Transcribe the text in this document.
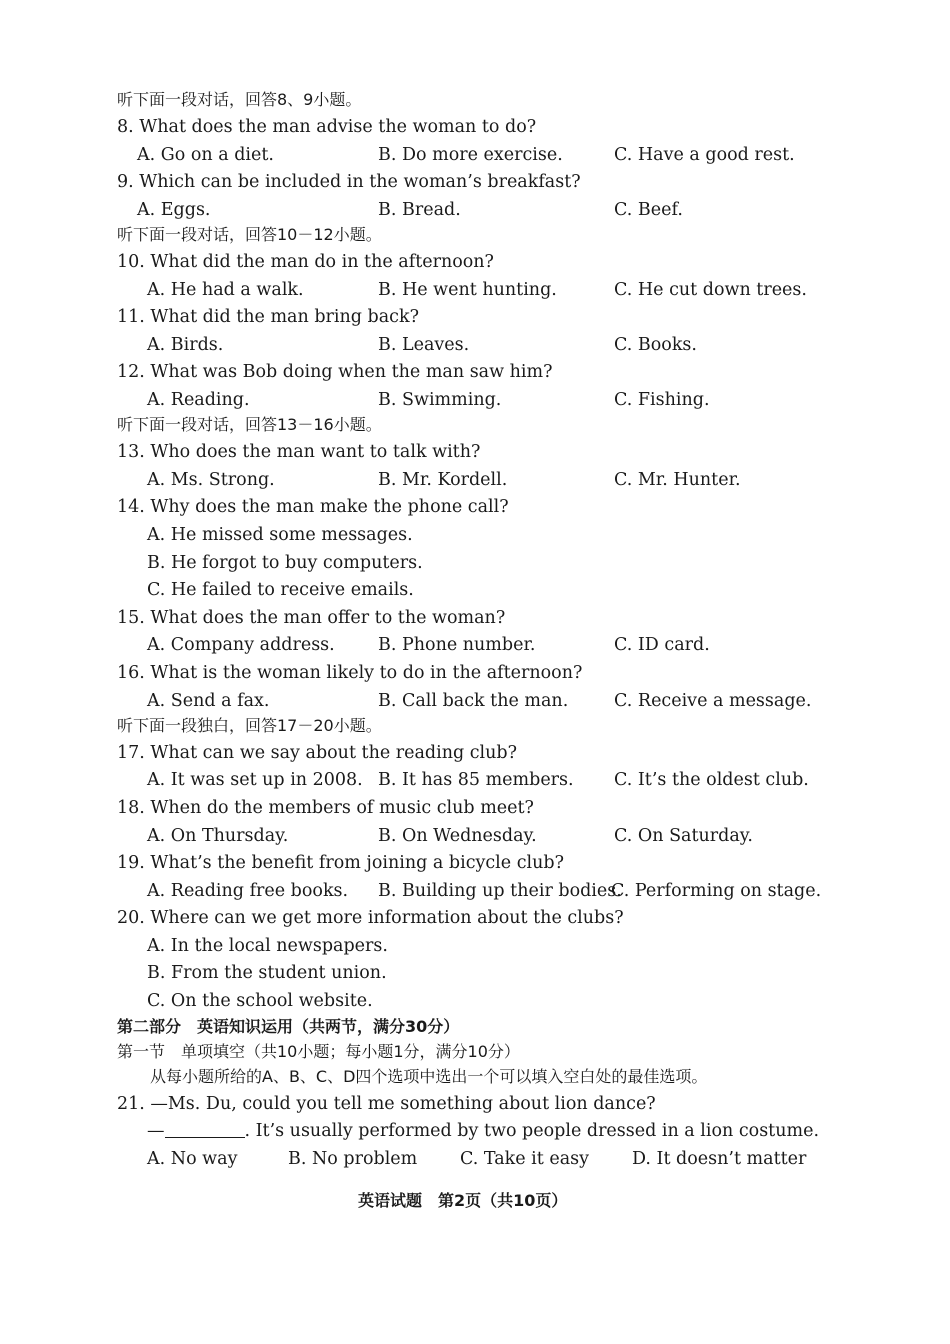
听下面一段对话，回答8、9小题。
8. What does the man advise the woman to do?
A. Go on a diet.	B. Do more exercise.	C. Have a good rest.
9. Which can be included in the woman’s breakfast?
A. Eggs.	B. Bread.	C. Beef.
听下面一段对话，回答10－12小题。
10. What did the man do in the afternoon?
A. He had a walk.	B. He went hunting.	C. He cut down trees.
11. What did the man bring back?
A. Birds.	B. Leaves.	C. Books.
12. What was Bob doing when the man saw him?
A. Reading.	B. Swimming.	C. Fishing.
听下面一段对话，回答13－16小题。
13. Who does the man want to talk with?
A. Ms. Strong.	B. Mr. Kordell.	C. Mr. Hunter.
14. Why does the man make the phone call?
A. He missed some messages.
B. He forgot to buy computers.
C. He failed to receive emails.
15. What does the man offer to the woman?
A. Company address. B. Phone number.	C. ID card.
16. What is the woman likely to do in the afternoon?
A. Send a fax.	B. Call back the man.	C. Receive a message.
听下面一段独白，回答17－20小题。
17. What can we say about the reading club?
A. It was set up in 2008. B. It has 85 members. C. It’s the oldest club.
18. When do the members of music club meet?
A. On Thursday.	B. On Wednesday.	C. On Saturday.
19. What’s the benefit from joining a bicycle club?
A. Reading free books. B. Building up their bodies.
C. Performing on stage.
20. Where can we get more information about the clubs?
A. In the local newspapers.
B. From the student union.
C. On the school website.
第二部分　英语知识运用（共两节，满分30分）
第一节　单项填空（共10小题；每小题1分，满分10分）
从每小题所给的A、B、C、D四个选项中选出一个可以填入空白处的最佳选项。
21. —Ms. Du, could you tell me something about lion dance?
—	. It’s usually performed by two people dressed in a lion costume.
A. No way	B. No problem C. Take it easy D. It doesn’t matter
英语试题　第2页（共10页）
